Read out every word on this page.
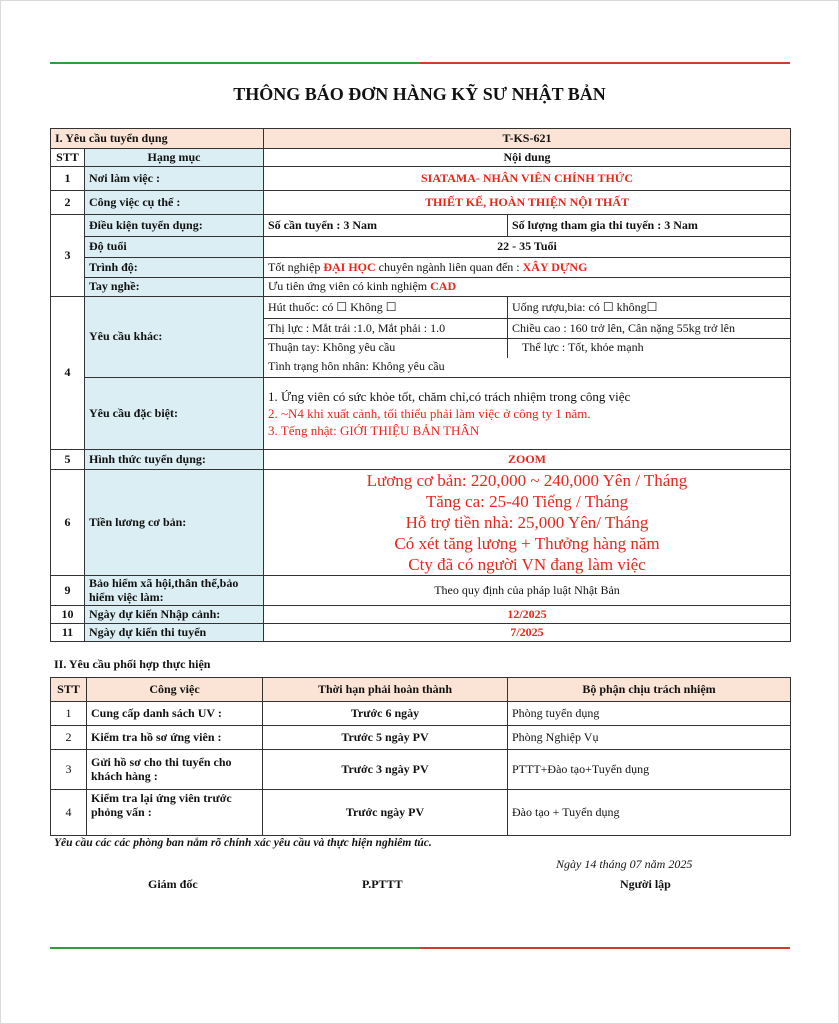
THÔNG BÁO ĐƠN HÀNG KỸ SƯ NHẬT BẢN
I. Yêu cầu tuyển dụng		T-KS-621	
STT	Hạng mục	Nội dung	
1	Nơi làm việc :	SIATAMA- NHÂN VIÊN CHÍNH THỨC	
2	Công việc cụ thể :	THIẾT KẾ, HOÀN THIỆN NỘI THẤT	
3	Điều kiện tuyển dụng:	Số cần tuyển : 3 Nam	Số lượng tham gia thi tuyển : 3 Nam
	Độ tuổi	22 - 35 Tuổi	
	Trình độ:	Tốt nghiệp ĐẠI HỌC chuyên ngành liên quan đến : XÂY DỰNG	
	Tay nghề:	Ưu tiên ứng viên có kinh nghiệm CAD	
4	Yêu cầu khác:	Hút thuốc: có ☐ Không ☐	Uống rượu,bia: có ☐ không☐
		Thị lực : Mắt trái :1.0, Mắt phải : 1.0	Chiều cao : 160 trở lên, Cân nặng 55kg trở lên
		Thuận tay: Không yêu cầu	Thể lực : Tốt, khỏe mạnh
		Tình trạng hôn nhân: Không yêu cầu	
	Yêu cầu đặc biệt:	1. Ứng viên có sức khỏe tốt, chăm chỉ,có trách nhiệm trong công việc
2. ~N4 khi xuất cảnh, tối thiểu phải làm việc ở công ty 1 năm.
3. Tếng nhật: GIỚI THIỆU BẢN THÂN	

5	Hình thức tuyển dụng:	ZOOM	
6	Tiền lương cơ bản:	Lương cơ bản: 220,000 ~ 240,000 Yên / Tháng
Tăng ca: 25-40 Tiếng / Tháng
Hỗ trợ tiền nhà: 25,000 Yên/ Tháng
Có xét tăng lương + Thưởng hàng năm
Cty đã có người VN đang làm việc	

9	Bảo hiểm xã hội,thân thể,bảo
hiểm việc làm:	Theo quy định của pháp luật Nhật Bản	
10	Ngày dự kiến Nhập cảnh:	12/2025	
11	Ngày dự kiến thi tuyển	7/2025	
II. Yêu cầu phối hợp thực hiện
STT	Công việc	Thời hạn phải hoàn thành	Bộ phận chịu trách nhiệm
1	Cung cấp danh sách UV :	Trước 6 ngày	Phòng tuyển dụng
2	Kiểm tra hồ sơ ứng viên :	Trước 5 ngày PV	Phòng Nghiệp Vụ
3	Gửi hồ sơ cho thi tuyển cho
khách hàng :	Trước 3 ngày PV	PTTT+Đào tạo+Tuyển dụng
4	Kiểm tra lại ứng viên trước
phỏng vấn :	Trước ngày PV	Đào tạo + Tuyển dụng
Yêu cầu các các phòng ban nắm rõ chính xác yêu cầu và thực hiện nghiêm túc.
Ngày 14 tháng 07 năm 2025
Giám đốc	P.PTTT	Người lập
